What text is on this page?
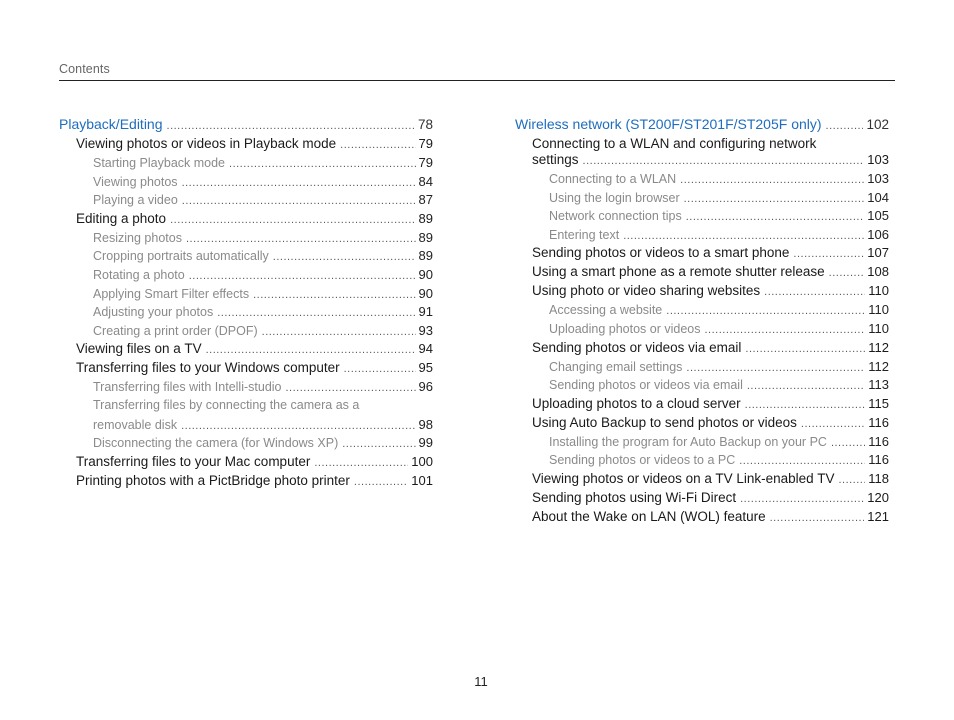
Contents
Playback/Editing .....	78
Viewing photos or videos in Playback mode .....	79
Starting Playback mode .....	79
Viewing photos .....	84
Playing a video .....	87
Editing a photo .....	89
Resizing photos .....	89
Cropping portraits automatically .....	89
Rotating a photo .....	90
Applying Smart Filter effects .....	90
Adjusting your photos .....	91
Creating a print order (DPOF) .....	93
Viewing files on a TV .....	94
Transferring files to your Windows computer .....	95
Transferring files with Intelli-studio .....	96
Transferring files by connecting the camera as a
removable disk .....	98
Disconnecting the camera (for Windows XP) .....	99
Transferring files to your Mac computer .....	100
Printing photos with a PictBridge photo printer .....	101
Wireless network (ST200F/ST201F/ST205F only) .....	102
Connecting to a WLAN and configuring network
settings .....	103
Connecting to a WLAN .....	103
Using the login browser .....	104
Network connection tips .....	105
Entering text .....	106
Sending photos or videos to a smart phone .....	107
Using a smart phone as a remote shutter release .....	108
Using photo or video sharing websites .....	110
Accessing a website .....	110
Uploading photos or videos .....	110
Sending photos or videos via email .....	112
Changing email settings .....	112
Sending photos or videos via email .....	113
Uploading photos to a cloud server .....	115
Using Auto Backup to send photos or videos .....	116
Installing the program for Auto Backup on your PC .....	116
Sending photos or videos to a PC .....	116
Viewing photos or videos on a TV Link-enabled TV .....	118
Sending photos using Wi-Fi Direct .....	120
About the Wake on LAN (WOL) feature .....	121
11
